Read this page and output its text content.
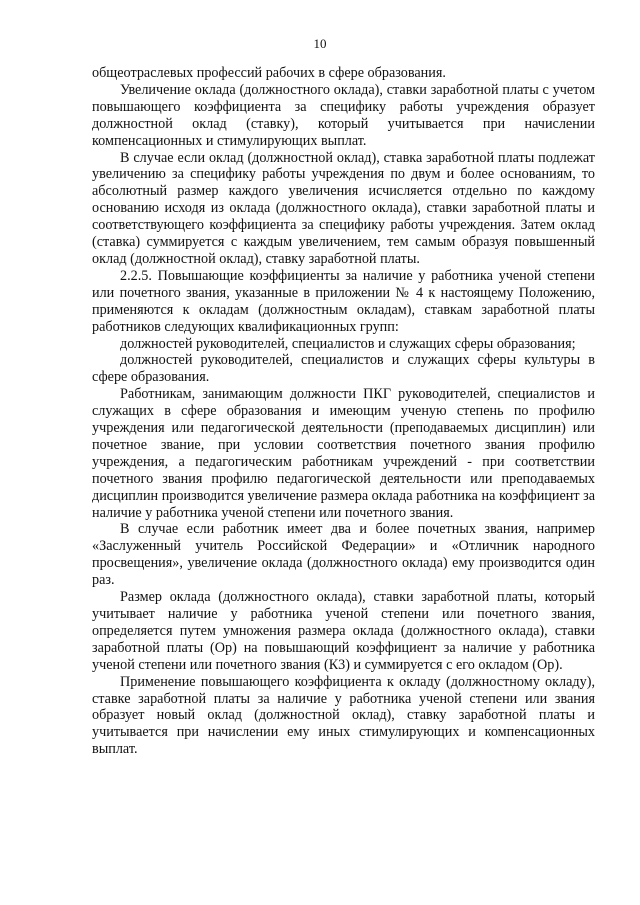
10

общеотраслевых профессий рабочих в сфере образования.

Увеличение оклада (должностного оклада), ставки заработной платы с учетом повышающего коэффициента за специфику работы учреждения образует должностной оклад (ставку), который учитывается при начислении компенсационных и стимулирующих выплат.

В случае если оклад (должностной оклад), ставка заработной платы подлежат увеличению за специфику работы учреждения по двум и более основаниям, то абсолютный размер каждого увеличения исчисляется отдельно по каждому основанию исходя из оклада (должностного оклада), ставки заработной платы и соответствующего коэффициента за специфику работы учреждения. Затем оклад (ставка) суммируется с каждым увеличением, тем самым образуя повышенный оклад (должностной оклад), ставку заработной платы.

2.2.5. Повышающие коэффициенты за наличие у работника ученой степени или почетного звания, указанные в приложении № 4 к настоящему Положению, применяются к окладам (должностным окладам), ставкам заработной платы работников следующих квалификационных групп:

должностей руководителей, специалистов и служащих сферы образования;

должностей руководителей, специалистов и служащих сферы культуры в сфере образования.

Работникам, занимающим должности ПКГ руководителей, специалистов и служащих в сфере образования и имеющим ученую степень по профилю учреждения или педагогической деятельности (преподаваемых дисциплин) или почетное звание, при условии соответствия почетного звания профилю учреждения, а педагогическим работникам учреждений - при соответствии почетного звания профилю педагогической деятельности или преподаваемых дисциплин производится увеличение размера оклада работника на коэффициент за наличие у работника ученой степени или почетного звания.

В случае если работник имеет два и более почетных звания, например «Заслуженный учитель Российской Федерации» и «Отличник народного просвещения», увеличение оклада (должностного оклада) ему производится один раз.

Размер оклада (должностного оклада), ставки заработной платы, который учитывает наличие у работника ученой степени или почетного звания, определяется путем умножения размера оклада (должностного оклада), ставки заработной платы (Ор) на повышающий коэффициент за наличие у работника ученой степени или почетного звания (К3) и суммируется с его окладом (Ор).

Применение повышающего коэффициента к окладу (должностному окладу), ставке заработной платы за наличие у работника ученой степени или звания образует новый оклад (должностной оклад), ставку заработной платы и учитывается при начислении ему иных стимулирующих и компенсационных выплат.
